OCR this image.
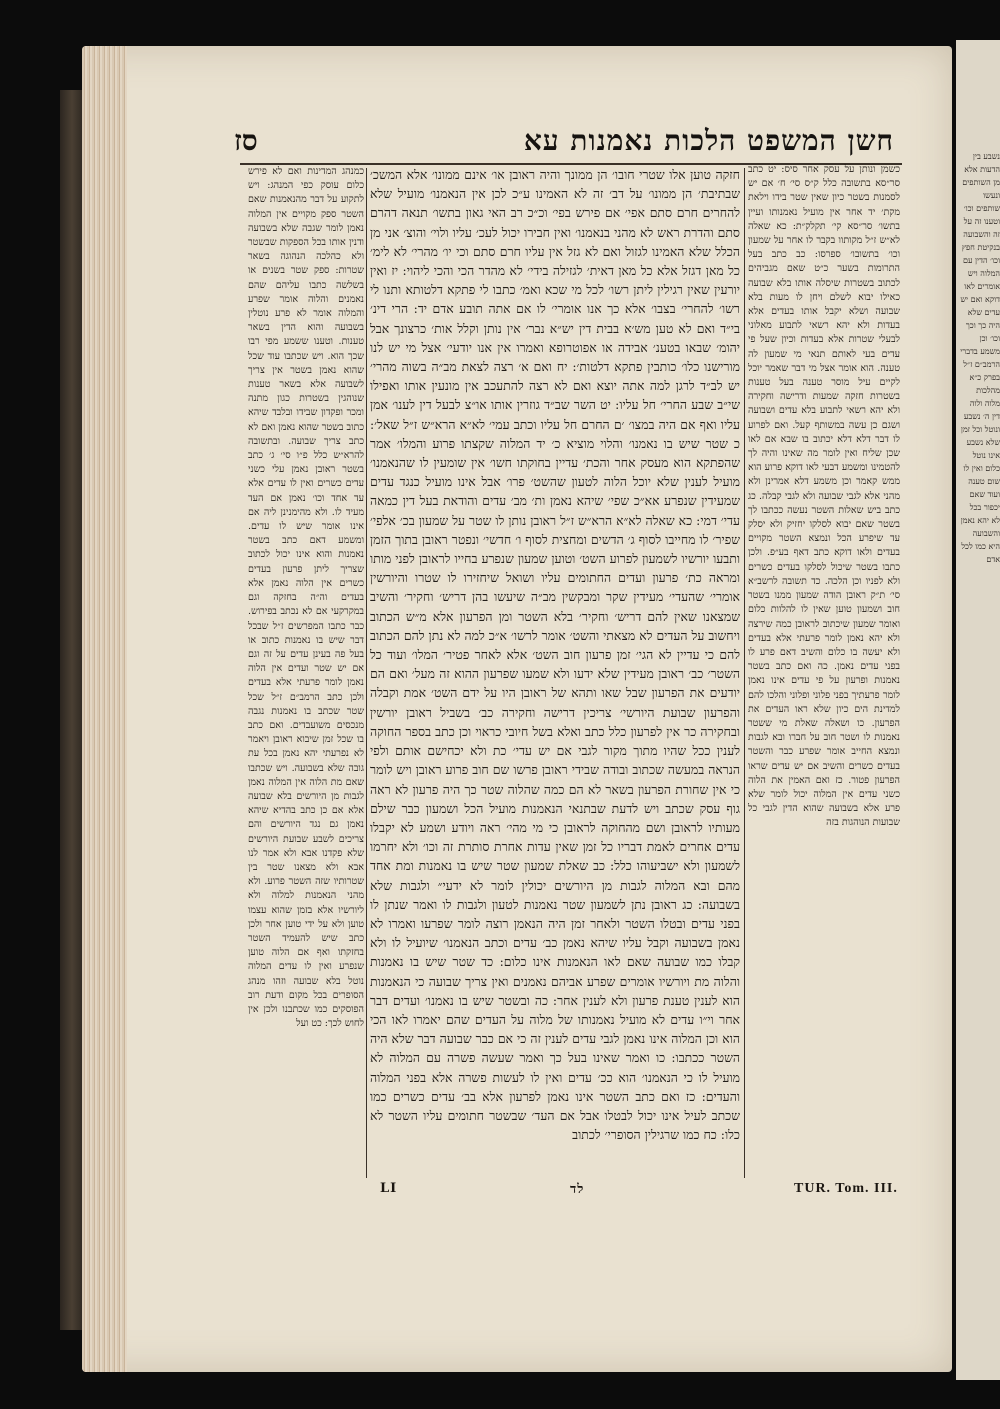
נשבע בין הדעות אלא מן השותפים ונעשו שותפים וכו׳ וטענו זה על זה והשבועה בנקיטת חפץ וכו׳ הדין עם המלוה ויש אומרים לאו דוקא ואם יש עדים שלא היה כך וכך וכו׳ וכן משמע בדברי הרמב״ם ז״ל בפרק כ״א מהלכות מלוה ולוה דין ה׳ נשבע ונוטל וכל זמן שלא נשבע אינו נוטל כלום ואין לו שום טענה ועוד שאם יכפור בכל לא יהא נאמן והשבועה היא כמו לכל אדם
חשן המשפט הלכות נאמנות עא
סז
כשמן ונותן על עסק אחר סיס: יט כתב סר״סא בתשובה כלל ק״ס סי׳ ח׳ אם יש לסמנות בשטר כיון שאין שטר בידו וילאת מקת׳ יד אחר אין מועיל נאמנותו ועיין בתשו׳ סר״סא קי׳ תקלק״ת: כא שאלה לא״ש ז״ל מקותוו בקבר לו אחר על שמעון וכו׳ בתשובו׳ ספרסו: כב כתב בעל התרומות בשער כ״ט שאם מגביהים לכתוב בשטרות שיסלה אותו בלא שבועה כאילו יבוא לשלם ויחן לו מעות בלא שבועה ושלא יקבל אותו בעדים אלא בעדות ולא יהא רשאי לתבוע מאלוני לבעלי שטרות אלא בעדות וכיון שעל פי עדים בעי לאותם תנאי מי שמעון לה טענה. הוא אומר אצל מי דבר שאמר יוכל לקיים עיל מוסר טענה בעל טענות בשטרות חזקה שמעות ודרישה וחקירה ולא יהא רשאי לתבוע בלא עדים ושבועה ושגם כן עשה במשותף קעל. ואם לפרוע לו דבר דלא דלא יכתוב בו שבא אם לאו שכן שליח ואין לומר מה שאינו והיה לך להטמינו ומשמע דבעי לאו דוקא פרוע הוא ממש קאמר וכן משמע דלא אמרינן ולא מהני אלא לגבי שבועה ולא לגבי קבלה. כג כתב ביש שאלות השטר נעשה ככתבו לך בשטר שאם יבוא לסלקו יחזיק ולא יסלק עד שיפרע הכל ונמצא השטר מקויים בעדים ולאו דוקא כתב דאף בע״פ. ולכן כתבו בשטר שיכול לסלקו בעדים כשרים ולא לפניו וכן הלכה. כד תשובה לרשב״א סי׳ ת״ק ראובן הודה שמעון ממנו בשטר חוב ושמעון טוען שאין לו להלוות כלום ואומר שמעון שיכתוב לראובן כמה שירצה ולא יהא נאמן לומר פרעתי אלא בעדים ולא יעשה בו כלום והשיב דאם פרע לו בפני עדים נאמן. כה ואם כתב בשטר נאמנות ופרעון על פי עדים אינו נאמן לומר פרעתיך בפני פלוני ופלוני והלכו להם למדינת הים כיון שלא ראו העדים את הפרעון. כו ושאלה שאלת מי ששטר נאמנות לו ושטר חוב על חברו ובא לגבות ונמצא החייב אומר שפרע כבר והשטר בעדים כשרים והשיב אם יש עדים שראו הפרעון פטור. כז ואם האמין את הלוה כשני עדים אין המלוה יכול לומר שלא פרע אלא בשבועה שהוא הדין לגבי כל שבועות הנוהגות בזה
חזקה טוען אלו שטרי חובו׳ הן ממונך והיה ראובן או׳ אינם ממונו׳ אלא המשכ׳ שבתיבת׳ הן ממונו׳ על דב׳ זה לא האמינו ע״כ לכן אין הנאמנו׳ מועיל שלא להחרים חרם סתם אפי׳ אם פירש בפי׳ וכ״כ רב האי גאון בתשו׳ תנאה דהרם סתם והדרת ראש לא מהני בנאמנו׳ ואין חבירו יכול לעכ׳ עליו ולוי׳ והוצ׳ אני מן הכלל שלא האמינו לגזול ואם לא גזל אין עליו חרם סתם וכי יו׳ מהרי׳ לא לימ׳ כל מאן דגזל אלא כל מאן דאית׳ לגזילה בידי׳ לא מהדר הכי והכי ליהוי: יז ואין יורעין שאין רגילין ליתן רשו׳ לכל מי שכא ואמ׳ כתבו לי פתקא דלטותא ותנו לי רשו׳ להחרי׳ בצבו׳ אלא כך אנו אומרי׳ לו אם אתה תובע אדם יד: הרי דינ׳ בי״ד ואם לא טען מש׳א בבית דין יש״א נבר׳ אין נותן וקלל אות׳ כרצונך אבל יהומ׳ שבאו בטענ׳ אבידה או אפוטרופא ואמרו אין אנו יודעי׳ אצל מי יש לנו מורישנו כלו׳ כותבין פתקא דלטות׳: יח ואם א׳ רצה לצאת מב״ה בשוה מהרי׳ יש לב״ד לרגן למה אתה יוצא ואם לא רצה להתעכב אין מונעין אותו ואפילו שי״ב שבע החרי׳ חל עליו: יט השר שב״ד גוזרין אותו או״צ לבעל דין לענו׳ אמן עליו ואף אם היה במצו׳ ׳ם החרם חל עליו וכתב עמי׳ לא״א הרא״ש ז״ל שאל׳: כ שטר שיש בו נאמנו׳ והלוי מוציא כ׳ יד המלוה שקצתו פרוע והמלו׳ אמר שהפתקא הוא מעסק אחר והכת׳ עדיין בחוקתו חשו׳ אין שומעין לו שהנאמנו׳ מועיל לענין שלא יוכל הלוה לטעון שהשט׳ פרו׳ אבל אינו מועיל כנגד עדים שמעידין שנפרע אא״כ שפי׳ שיהא נאמן ות׳ מב׳ עדים והודאת בעל דין כמאה עדי׳ דמי: כא שאלה לא״א הרא״ש ז״ל ראובן נותן לו שטר על שמעון בכ׳ אלפי׳ שפיר׳ לו מחייבו לסוף ג׳ הדשים ומחצית לסוף ו׳ חדשי׳ ונפטר ראובן בתוך הזמן ותבעו יורשיו לשמעון לפרוע השט׳ וטוען שמעון שנפרע בחייו לראובן לפני מותו ומראה כת׳ פרעון ועדים החתומים עליו ושואל שיחזירו לו שטרו והיורשין אומרי׳ שהעדי׳ מעידין שקר ומבקשין מב״ה שיעשו בהן דריש׳ וחקיר׳ והשיב שמצאנו שאין להם דריש׳ וחקיר׳ בלא השטר ומן הפרעון אלא מ״ש הכתוב ויחשוב על העדים לא מצאתי והשט׳ אומר לרשו׳ א״כ למה לא נתן להם הכתוב להם כי עדיין לא הגי׳ זמן פרעון חוב השט׳ אלא לאחר פטיר׳ המלו׳ ועוד כל השטר׳ כב׳ ראובן מעידין שלא ידעו ולא שמעו שפרעון ההוא זה מעל׳ ואם הם יודעים את הפרעון שבל שאו ותהא של ראובן היו על ידם השט׳ אמת וקבלה והפרעון שבועת היורשי׳ צריכין דרישה וחקירה כב׳ בשביל ראובן יורשין ובחקירה כר אין לפרעון כלל כתב ואלא בשל חיובי כראוי וכן כתב בספר החוקה לענין ככל שהיו מתוך מקור לגבי אם יש עדי׳ כת ולא יכחישם אותם ולפי הנראה במעשה שכתוב ובודה שבידי ראובן פרשו שם חוב פרוע ראובן ויש לומר כי אין שחורת הפרעון בשאר לא הם כמה שהלוה שטר כך היה פרעון לא ראה גוף עסק שכתב ויש לדעת שבתנאי הנאמנות מועיל הכל ושמעון כבר שילם מעותיו לראובן ושם מהחוקה לראובן כי מי מהי׳ ראה ויודע ושמע לא יקבלו עדים אחרים לאמת דבריו כל זמן שאין עדות אחרת סותרת זה וכו׳ ולא יחרמו לשמעון ולא ישביעוהו כלל: כב שאלת שמעון שטר שיש בו נאמנות ומת אחד מהם ובא המלוה לגבות מן היורשים יכולין לומר לא ידעי״ ולגבות שלא בשבועה: כג ראובן נתן לשמעון שטר נאמנות לטעון ולגבות לו ואמר שנתן לו בפני עדים ובטלו השטר ולאחר זמן היה הנאמן רוצה לומר שפרעו ואמרו לא נאמן בשבועה וקבל עליו שיהא נאמן כב׳ עדים וכתב הנאמנו׳ שיועיל לו ולא קבלו כמו שבועה שאם לאו הנאמנות אינו כלום: כד שטר שיש בו נאמנות והלוה מת ויורשיו אומרים שפרע אביהם נאמנים ואין צריך שבועה כי הנאמנות הוא לענין טענת פרעון ולא לענין אחר: כה ובשטר שיש בו נאמנו׳ ועדים דבר אחר וי״ו עדים לא מועיל נאמנותו של מלוה על העדים שהם יאמרו לאו הכי הוא וכן המלוה אינו נאמן לגבי עדים לענין זה כי אם כבר שבועה דבר שלא היה השטר ככתבו: כו ואמר שאינו בעל כך ואמר שעשה פשרה עם המלוה לא מועיל לו כי הנאמנו׳ הוא ככ׳ עדים ואין לו לעשות פשרה אלא בפני המלוה והעדים: כז ואם כתב השטר אינו נאמן לפרעון אלא בב׳ עדים כשרים כמו שכתב לעיל אינו יכול לבטלו אבל אם העד׳ שבשטר חתומים עליו השטר לא כלו: כח כמו שרגילין הסופרי׳ לכתוב
כמנהג המדינות ואם לא פירש כלום עוסק כפי המנהג: ויש לתקוע על דבר מהנאמנות שאם השטר ספק מקויים אין המלוה נאמן לומר שגבה שלא בשבועה ודנין אותו בכל הספקות שבשטר ולא כהלכה הנהוגה בשאר שטרות: ספק שטר בשנים או בשלשה כתבו עליהם שהם נאמנים והלוה אומר שפרע והמלוה אומר לא פרע נוטלין בשבועה והוא הדין בשאר טענות. וטענו ששמע מפי רבו שכך הוא. ויש שכתבו עוד שכל שהוא נאמן בשטר אין צריך לשבועה אלא בשאר טענות שנוהגין בשטרות כגון מתנה ומכר ופקדון שבידו ובלבד שיהא כתוב בשטר שהוא נאמן ואם לא כתב צריך שבועה. ובתשובה להרא״ש כלל פ״ו סי׳ ג׳ כתב בשטר ראובן נאמן עלי כשני עדים כשרים ואין לו עדים אלא עד אחד וכו׳ נאמן אם העד מעיד לו. ולא מהימנינן ליה אם אינו אומר שיש לו עדים. ומשמע דאם כתב בשטר נאמנות והוא אינו יכול לכתוב שצריך ליתן פרעון בעדים כשרים אין הלוה נאמן אלא בעדים וה״ה בחזקה וגם במקרקעי אם לא נכתב בפירוש. כבר כתבו המפרשים ז״ל שבכל דבר שיש בו נאמנות כתוב או בעל פה בעינן עדים על זה וגם אם יש שטר ועדים אין הלוה נאמן לומר פרעתי אלא בעדים ולכן כתב הרמב״ם ז״ל שכל שטר שכתב בו נאמנות נגבה מנכסים משועבדים. ואם כתב בו שכל זמן שיבוא ראובן ויאמר לא נפרעתי יהא נאמן בכל עת גובה שלא בשבועה. ויש שכתבו שאם מת הלוה אין המלוה נאמן לגבות מן היורשים בלא שבועה אלא אם כן כתב בהדיא שיהא נאמן גם נגד היורשים והם צריכים לשבע שבועת היורשים שלא פקדנו אבא ולא אמר לנו אבא ולא מצאנו שטר בין שטרותיו שזה השטר פרוע. ולא מהני הנאמנות למלוה ולא ליורשיו אלא בזמן שהוא עצמו טוען ולא על ידי טוען אחר ולכן כתב שיש להעמיד השטר בחזקתו ואף אם הלוה טוען שנפרע ואין לו עדים המלוה נוטל בלא שבועה וזהו מנהג הסופרים בכל מקום ודעת רוב הפוסקים כמו שכתבנו ולכן אין לחוש לכך: כט ועל
LI	לד	TUR. Tom. III.
